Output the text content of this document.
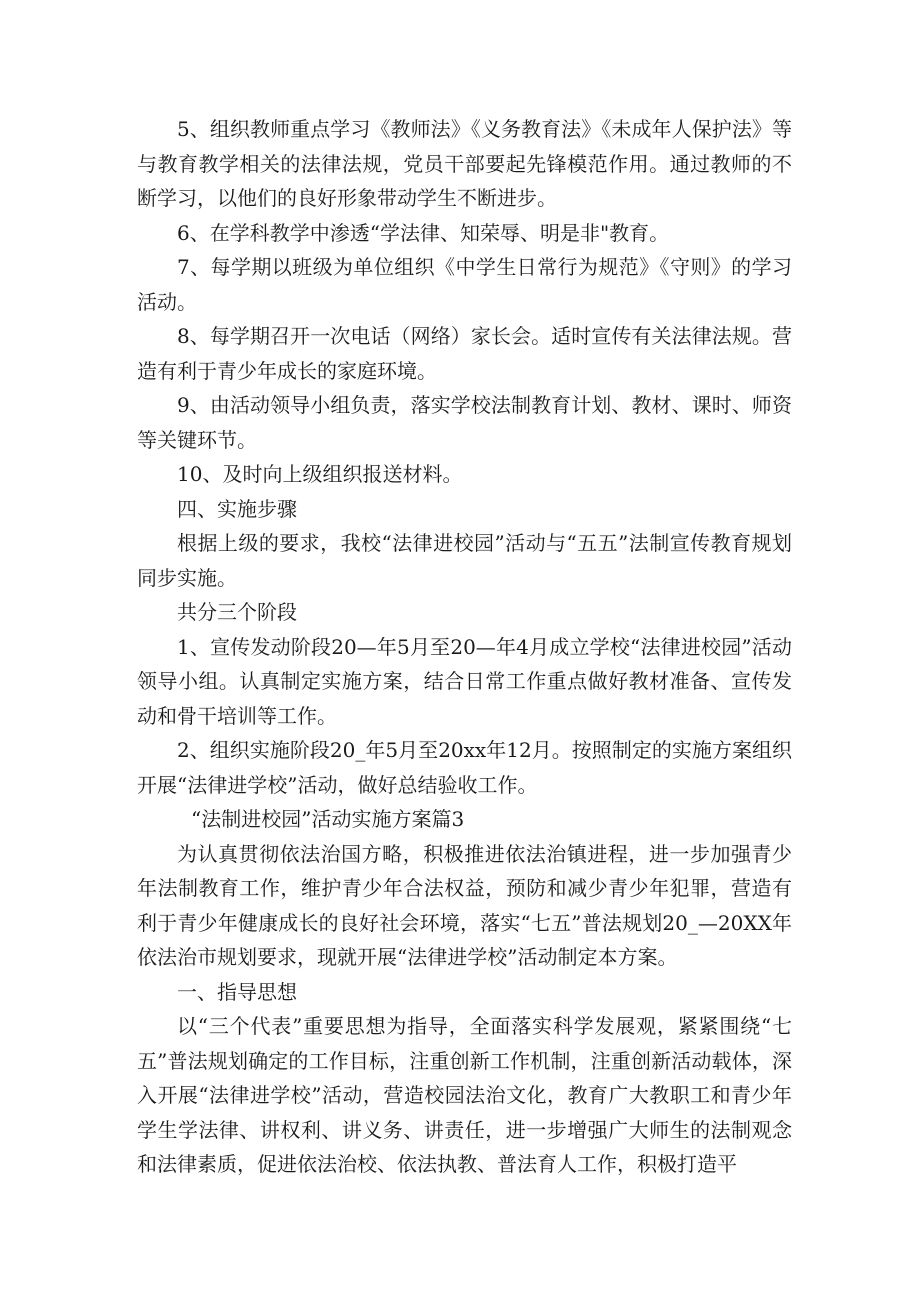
5、组织教师重点学习《教师法》《义务教育法》《未成年人保护法》等与教育教学相关的法律法规，党员干部要起先锋模范作用。通过教师的不断学习，以他们的良好形象带动学生不断进步。

6、在学科教学中渗透“学法律、知荣辱、明是非"教育。

7、每学期以班级为单位组织《中学生日常行为规范》《守则》的学习活动。

8、每学期召开一次电话（网络）家长会。适时宣传有关法律法规。营造有利于青少年成长的家庭环境。

9、由活动领导小组负责，落实学校法制教育计划、教材、课时、师资等关键环节。

10、及时向上级组织报送材料。

四、实施步骤

根据上级的要求，我校“法律进校园”活动与“五五”法制宣传教育规划同步实施。

共分三个阶段

1、宣传发动阶段20—年5月至20—年4月成立学校“法律进校园”活动领导小组。认真制定实施方案，结合日常工作重点做好教材准备、宣传发动和骨干培训等工作。

2、组织实施阶段20_年5月至20xx年12月。按照制定的实施方案组织开展“法律进学校”活动，做好总结验收工作。

“法制进校园”活动实施方案篇3

为认真贯彻依法治国方略，积极推进依法治镇进程，进一步加强青少年法制教育工作，维护青少年合法权益，预防和减少青少年犯罪，营造有利于青少年健康成长的良好社会环境，落实“七五”普法规划20_—20XX年依法治市规划要求，现就开展“法律进学校”活动制定本方案。

一、指导思想

以“三个代表”重要思想为指导，全面落实科学发展观，紧紧围绕“七五”普法规划确定的工作目标，注重创新工作机制，注重创新活动载体，深入开展“法律进学校”活动，营造校园法治文化，教育广大教职工和青少年学生学法律、讲权利、讲义务、讲责任，进一步增强广大师生的法制观念和法律素质，促进依法治校、依法执教、普法育人工作，积极打造平
